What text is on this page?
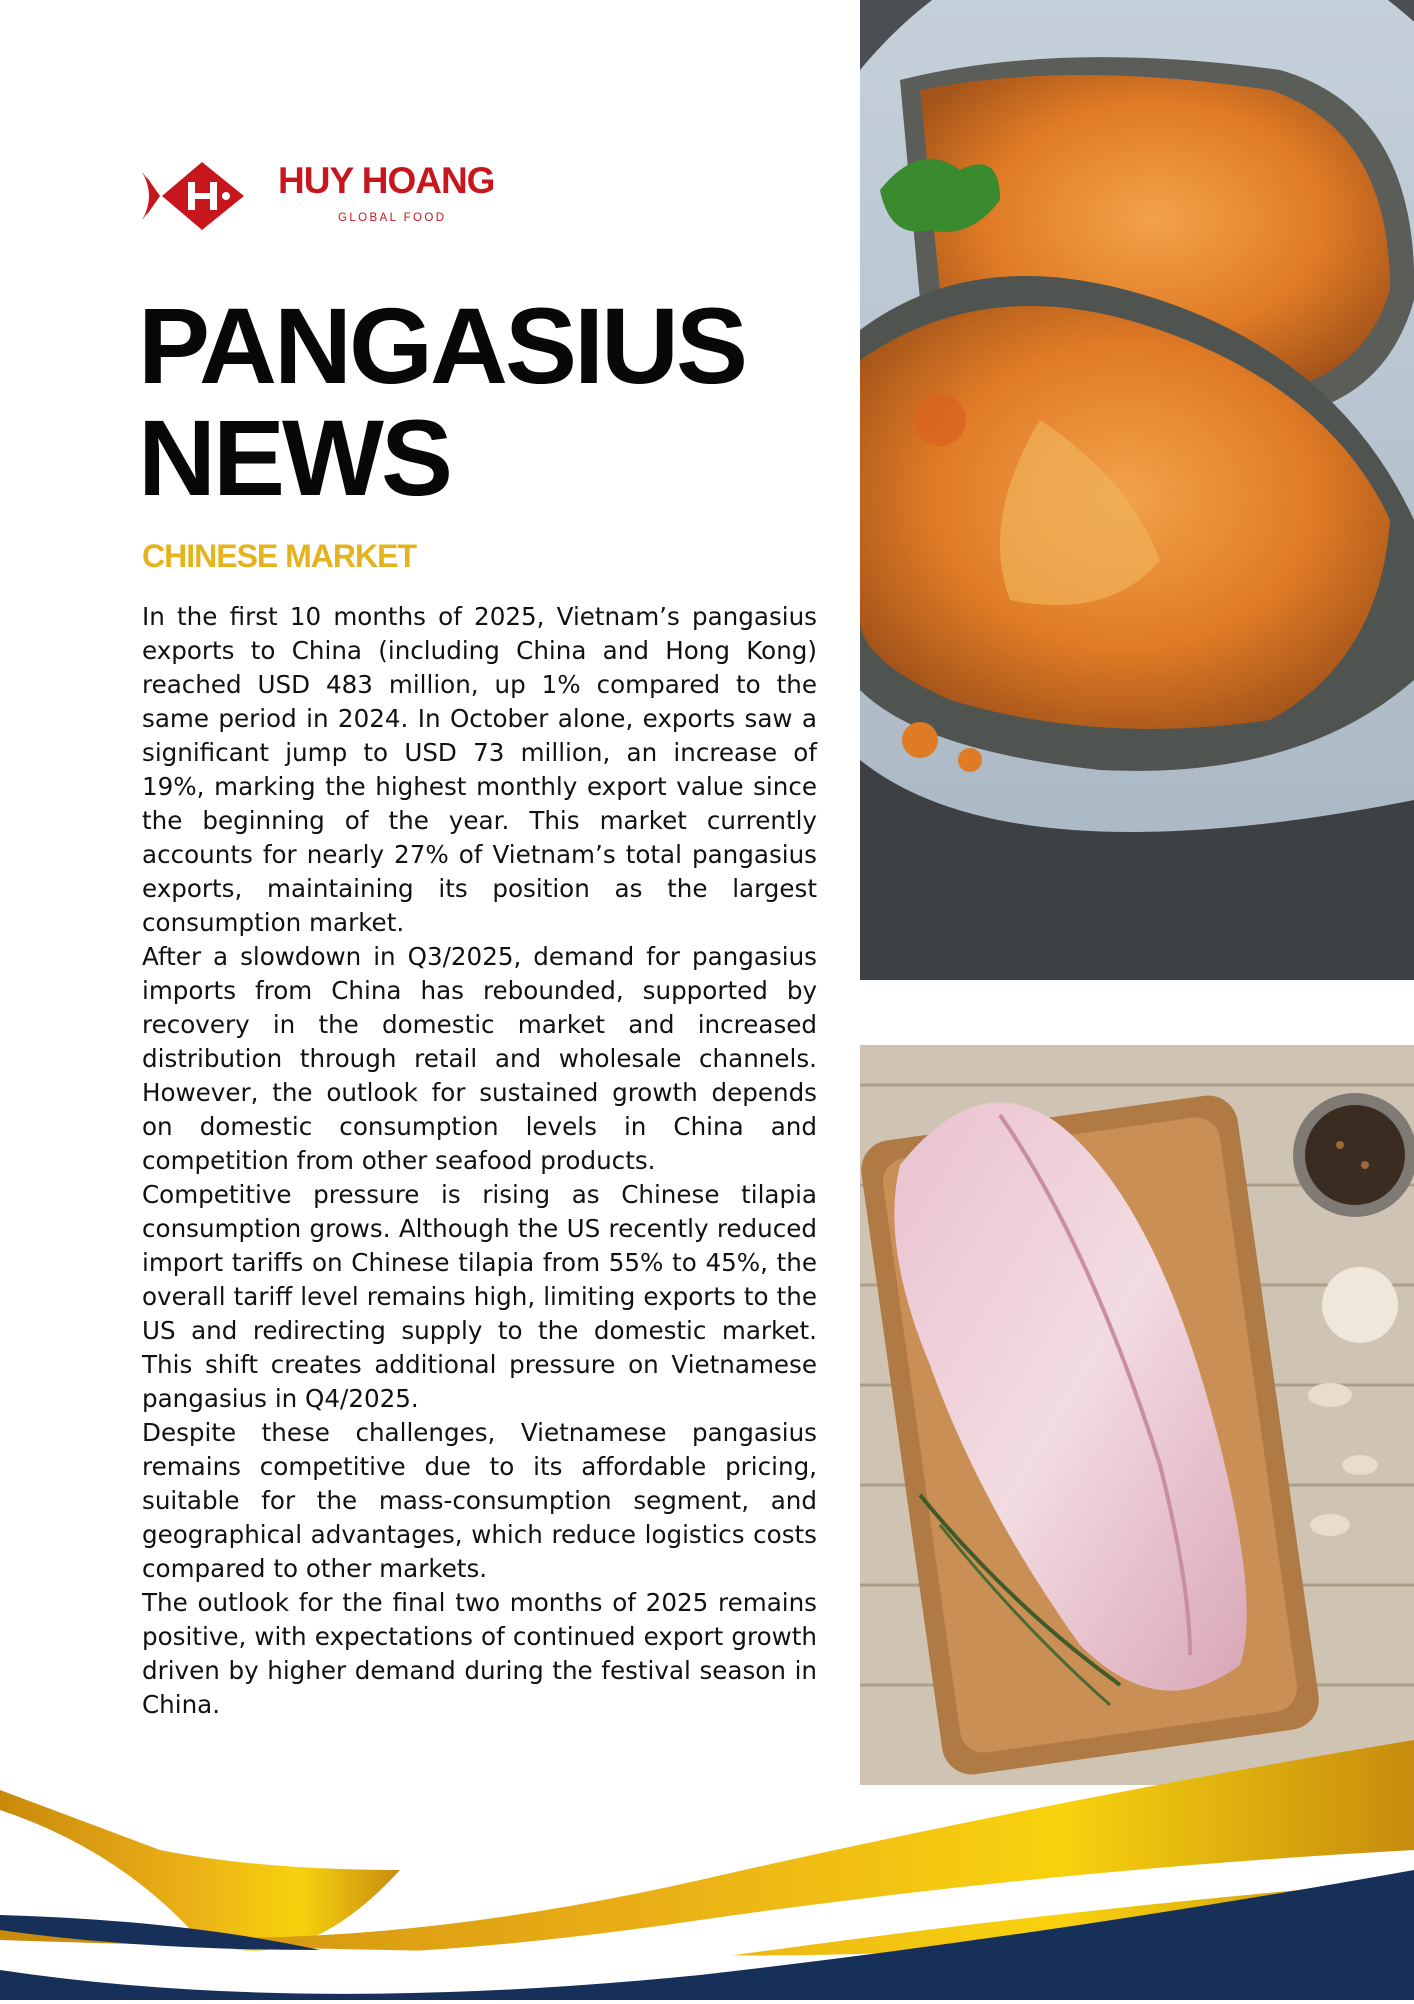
HUY HOANG
GLOBAL FOOD
PANGASIUS
NEWS
CHINESE MARKET

In the first 10 months of 2025, Vietnam’s pangasius exports to China (including China and Hong Kong) reached USD 483 million, up 1% compared to the same period in 2024. In October alone, exports saw a significant jump to USD 73 million, an increase of 19%, marking the highest monthly export value since the beginning of the year. This market currently accounts for nearly 27% of Vietnam’s total pangasius exports, maintaining its position as the largest consumption market.

After a slowdown in Q3/2025, demand for pangasius imports from China has rebounded, supported by recovery in the domestic market and increased distribution through retail and wholesale channels. However, the outlook for sustained growth depends on domestic consumption levels in China and competition from other seafood products.

Competitive pressure is rising as Chinese tilapia consumption grows. Although the US recently reduced import tariffs on Chinese tilapia from 55% to 45%, the overall tariff level remains high, limiting exports to the US and redirecting supply to the domestic market. This shift creates additional pressure on Vietnamese pangasius in Q4/2025.

Despite these challenges, Vietnamese pangasius remains competitive due to its affordable pricing, suitable for the mass-consumption segment, and geographical advantages, which reduce logistics costs compared to other markets.

The outlook for the final two months of 2025 remains positive, with expectations of continued export growth driven by higher demand during the festival season in China.
